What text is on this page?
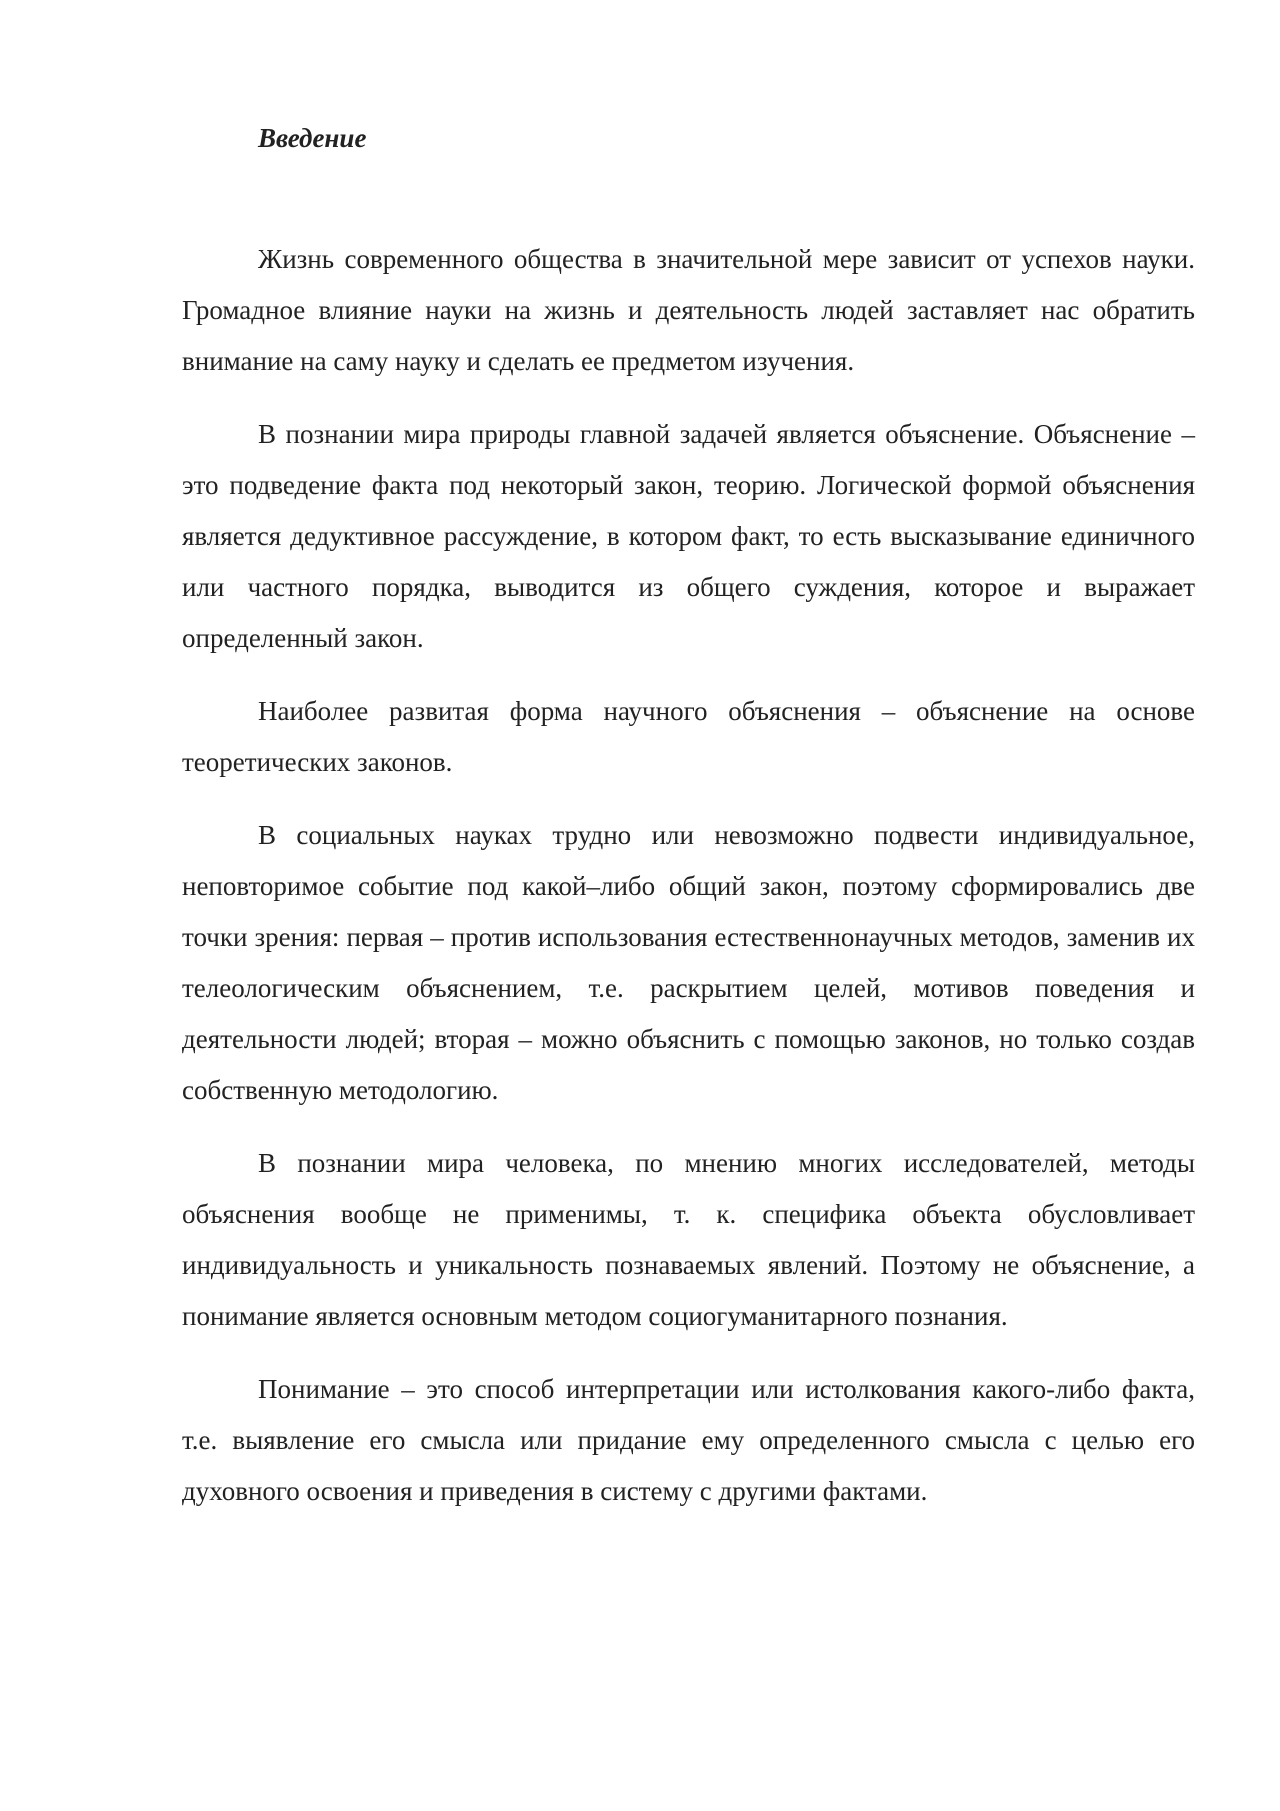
Введение

Жизнь современного общества в значительной мере зависит от успехов науки. Громадное влияние науки на жизнь и деятельность людей заставляет нас обратить внимание на саму науку и сделать ее предметом изучения.

В познании мира природы главной задачей является объяснение. Объяснение – это подведение факта под некоторый закон, теорию. Логической формой объяснения является дедуктивное рассуждение, в котором факт, то есть высказывание единичного или частного порядка, выводится из общего суждения, которое и выражает определенный закон.

Наиболее развитая форма научного объяснения – объяснение на основе теоретических законов.

В социальных науках трудно или невозможно подвести индивидуальное, неповторимое событие под какой–либо общий закон, поэтому сформировались две точки зрения: первая – против использования естественнонаучных методов, заменив их телеологическим объяснением, т.е. раскрытием целей, мотивов поведения и деятельности людей; вторая – можно объяснить с помощью законов, но только создав собственную методологию.

В познании мира человека, по мнению многих исследователей, методы объяснения вообще не применимы, т. к. специфика объекта обусловливает индивидуальность и уникальность познаваемых явлений. Поэтому не объяснение, а понимание является основным методом социогуманитарного познания.

Понимание – это способ интерпретации или истолкования какого-либо факта, т.е. выявление его смысла или придание ему определенного смысла с целью его духовного освоения и приведения в систему с другими фактами.
